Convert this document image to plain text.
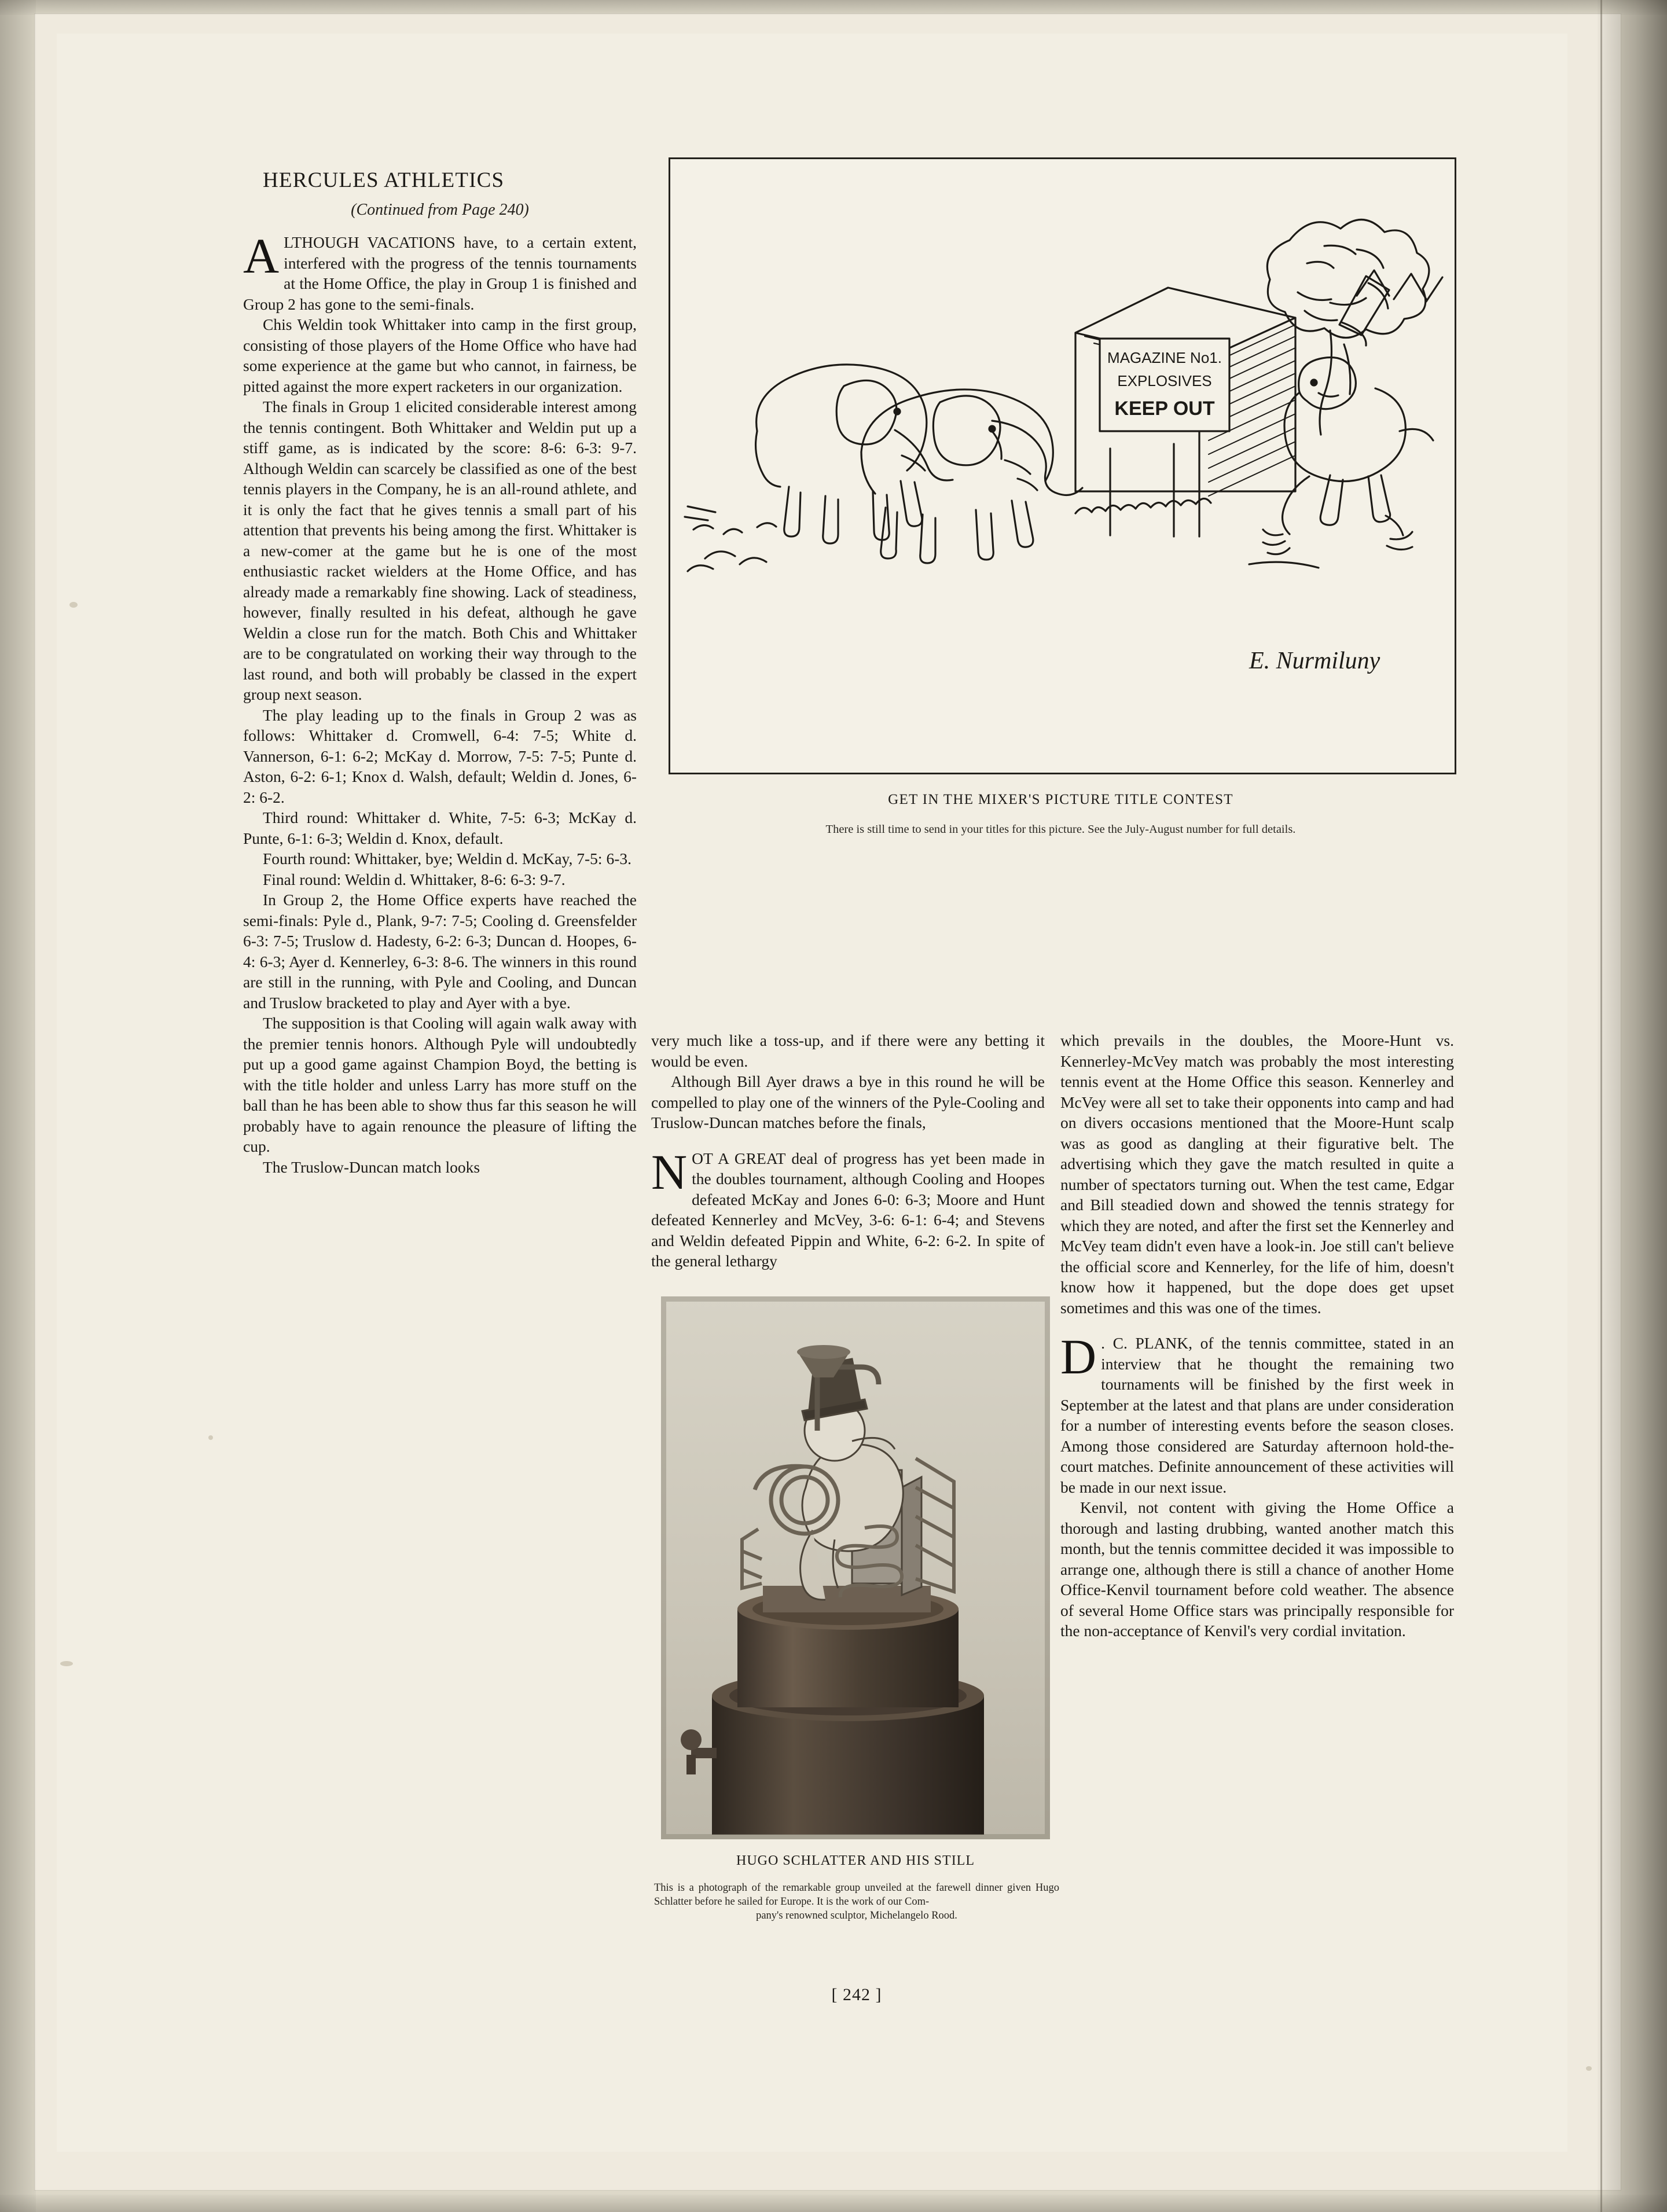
MAGAZINE No1.
EXPLOSIVES
KEEP OUT
E. Nurmiluny
GET IN THE MIXER'S PICTURE TITLE CONTEST
There is still time to send in your titles for this picture. See the July-August number for full details.
HUGO SCHLATTER AND HIS STILL
This is a photograph of the remarkable group unveiled at the farewell dinner given Hugo Schlatter before he sailed for Europe. It is the work of our Com-
pany's renowned sculptor, Michelangelo Rood.
[ 242 ]
HERCULES ATHLETICS
(Continued from Page 240)

ALTHOUGH VACATIONS have, to a certain extent, interfered with the progress of the tennis tournaments at the Home Office, the play in Group 1 is finished and Group 2 has gone to the semi-finals.

Chis Weldin took Whittaker into camp in the first group, consisting of those players of the Home Office who have had some experience at the game but who cannot, in fairness, be pitted against the more expert racketers in our organization.

The finals in Group 1 elicited considerable interest among the tennis contingent. Both Whittaker and Weldin put up a stiff game, as is indicated by the score: 8-6: 6-3: 9-7. Although Weldin can scarcely be classified as one of the best tennis players in the Company, he is an all-round athlete, and it is only the fact that he gives tennis a small part of his attention that prevents his being among the first. Whittaker is a new-comer at the game but he is one of the most enthusiastic racket wielders at the Home Office, and has already made a remarkably fine showing. Lack of steadiness, however, finally resulted in his defeat, although he gave Weldin a close run for the match. Both Chis and Whittaker are to be congratulated on working their way through to the last round, and both will probably be classed in the expert group next season.

The play leading up to the finals in Group 2 was as follows: Whittaker d. Cromwell, 6-4: 7-5; White d. Vannerson, 6-1: 6-2; McKay d. Morrow, 7-5: 7-5; Punte d. Aston, 6-2: 6-1; Knox d. Walsh, default; Weldin d. Jones, 6-2: 6-2.

Third round: Whittaker d. White, 7-5: 6-3; McKay d. Punte, 6-1: 6-3; Weldin d. Knox, default.

Fourth round: Whittaker, bye; Weldin d. McKay, 7-5: 6-3.

Final round: Weldin d. Whittaker, 8-6: 6-3: 9-7.

In Group 2, the Home Office experts have reached the semi-finals: Pyle d., Plank, 9-7: 7-5; Cooling d. Greensfelder 6-3: 7-5; Truslow d. Hadesty, 6-2: 6-3; Duncan d. Hoopes, 6-4: 6-3; Ayer d. Kennerley, 6-3: 8-6. The winners in this round are still in the running, with Pyle and Cooling, and Duncan and Truslow bracketed to play and Ayer with a bye.

The supposition is that Cooling will again walk away with the premier tennis honors. Although Pyle will undoubtedly put up a good game against Champion Boyd, the betting is with the title holder and unless Larry has more stuff on the ball than he has been able to show thus far this season he will probably have to again renounce the pleasure of lifting the cup.

The Truslow-Duncan match looks

very much like a toss-up, and if there were any betting it would be even.

Although Bill Ayer draws a bye in this round he will be compelled to play one of the winners of the Pyle-Cooling and Truslow-Duncan matches before the finals,

NOT A GREAT deal of progress has yet been made in the doubles tournament, although Cooling and Hoopes defeated McKay and Jones 6-0: 6-3; Moore and Hunt defeated Kennerley and McVey, 3-6: 6-1: 6-4; and Stevens and Weldin defeated Pippin and White, 6-2: 6-2. In spite of the general lethargy

which prevails in the doubles, the Moore-Hunt vs. Kennerley-McVey match was probably the most interesting tennis event at the Home Office this season. Kennerley and McVey were all set to take their opponents into camp and had on divers occasions mentioned that the Moore-Hunt scalp was as good as dangling at their figurative belt. The advertising which they gave the match resulted in quite a number of spectators turning out. When the test came, Edgar and Bill steadied down and showed the tennis strategy for which they are noted, and after the first set the Kennerley and McVey team didn't even have a look-in. Joe still can't believe the official score and Kennerley, for the life of him, doesn't know how it happened, but the dope does get upset sometimes and this was one of the times.

D . C. PLANK, of the tennis committee, stated in an interview that he thought the remaining two tournaments will be finished by the first week in September at the latest and that plans are under consideration for a number of interesting events before the season closes. Among those considered are Saturday afternoon hold-the-court matches. Definite announcement of these activities will be made in our next issue.

Kenvil, not content with giving the Home Office a thorough and lasting drubbing, wanted another match this month, but the tennis committee decided it was impossible to arrange one, although there is still a chance of another Home Office-Kenvil tournament before cold weather. The absence of several Home Office stars was principally responsible for the non-acceptance of Kenvil's very cordial invitation.
